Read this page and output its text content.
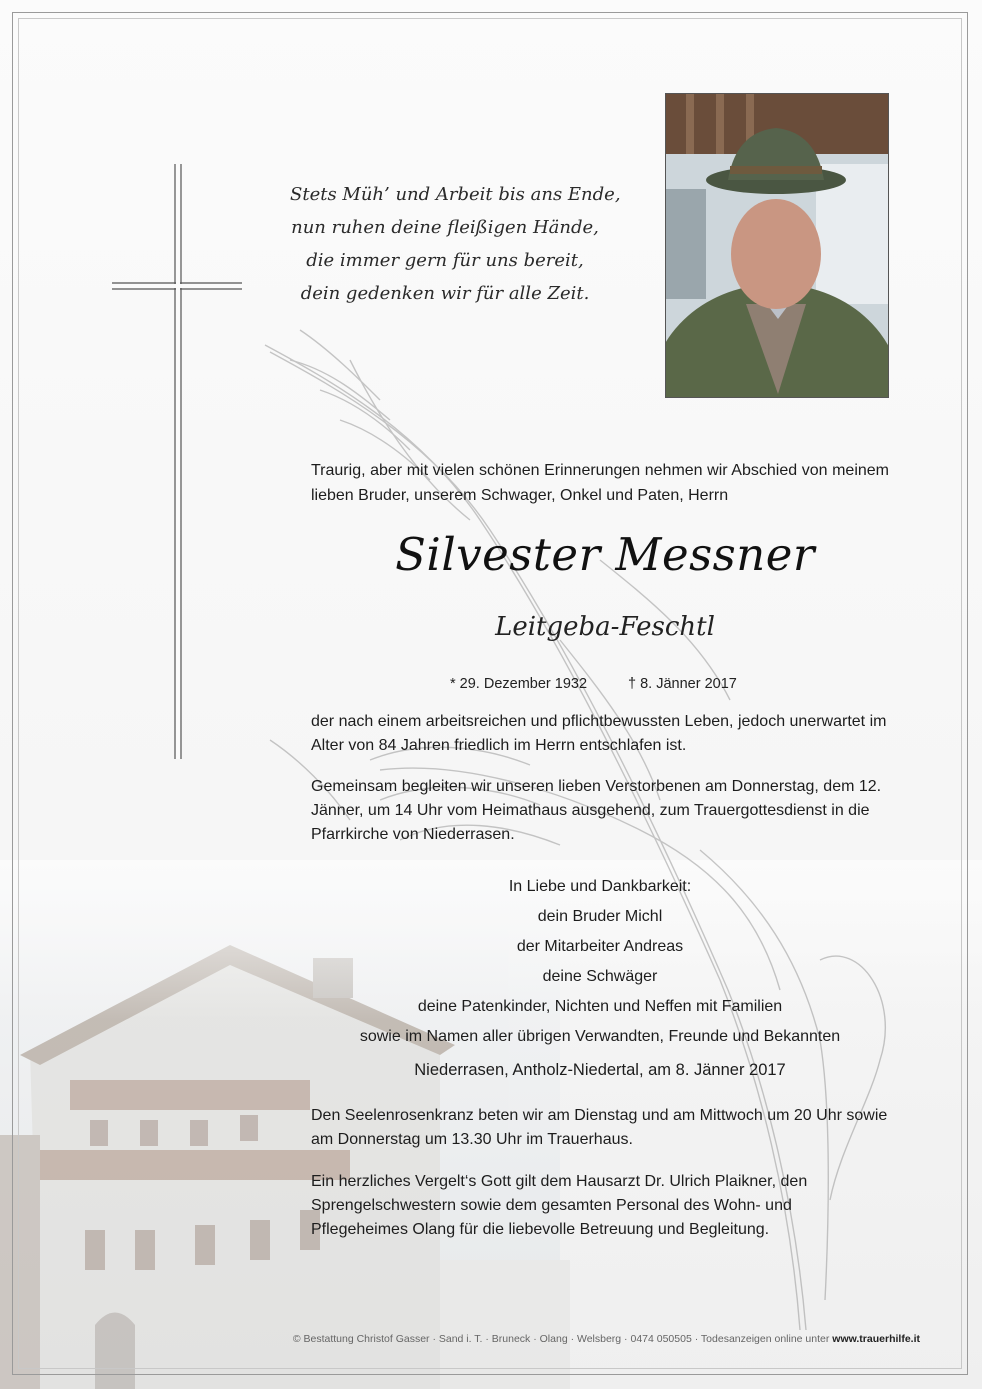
Stets Müh’ und Arbeit bis ans Ende,
nun ruhen deine fleißigen Hände,
die immer gern für uns bereit,
dein gedenken wir für alle Zeit.
Traurig, aber mit vielen schönen Erinnerungen nehmen wir Abschied von meinem lieben Bruder, unserem Schwager, Onkel und Paten, Herrn
Silvester Messner
Leitgeba-Feschtl
* 29. Dezember 1932	† 8. Jänner 2017
der nach einem arbeitsreichen und pflichtbewussten Leben, jedoch unerwartet im Alter von 84 Jahren friedlich im Herrn entschlafen ist.
Gemeinsam begleiten wir unseren lieben Verstorbenen am Donnerstag, dem 12. Jänner, um 14 Uhr vom Heimathaus ausgehend, zum Trauergottesdienst in die Pfarrkirche von Niederrasen.
In Liebe und Dankbarkeit:
dein Bruder Michl
der Mitarbeiter Andreas
deine Schwäger
deine Patenkinder, Nichten und Neffen mit Familien
sowie im Namen aller übrigen Verwandten, Freunde und Bekannten
Niederrasen, Antholz-Niedertal, am 8. Jänner 2017
Den Seelenrosenkranz beten wir am Dienstag und am Mittwoch um 20 Uhr sowie am Donnerstag um 13.30 Uhr im Trauerhaus.
Ein herzliches Vergelt‘s Gott gilt dem Hausarzt Dr. Ulrich Plaikner, den Sprengelschwestern sowie dem gesamten Personal des Wohn- und Pflegeheimes Olang für die liebevolle Betreuung und Begleitung.
© Bestattung Christof Gasser · Sand i. T. · Bruneck · Olang · Welsberg · 0474 050505 · Todesanzeigen online unter www.trauerhilfe.it
